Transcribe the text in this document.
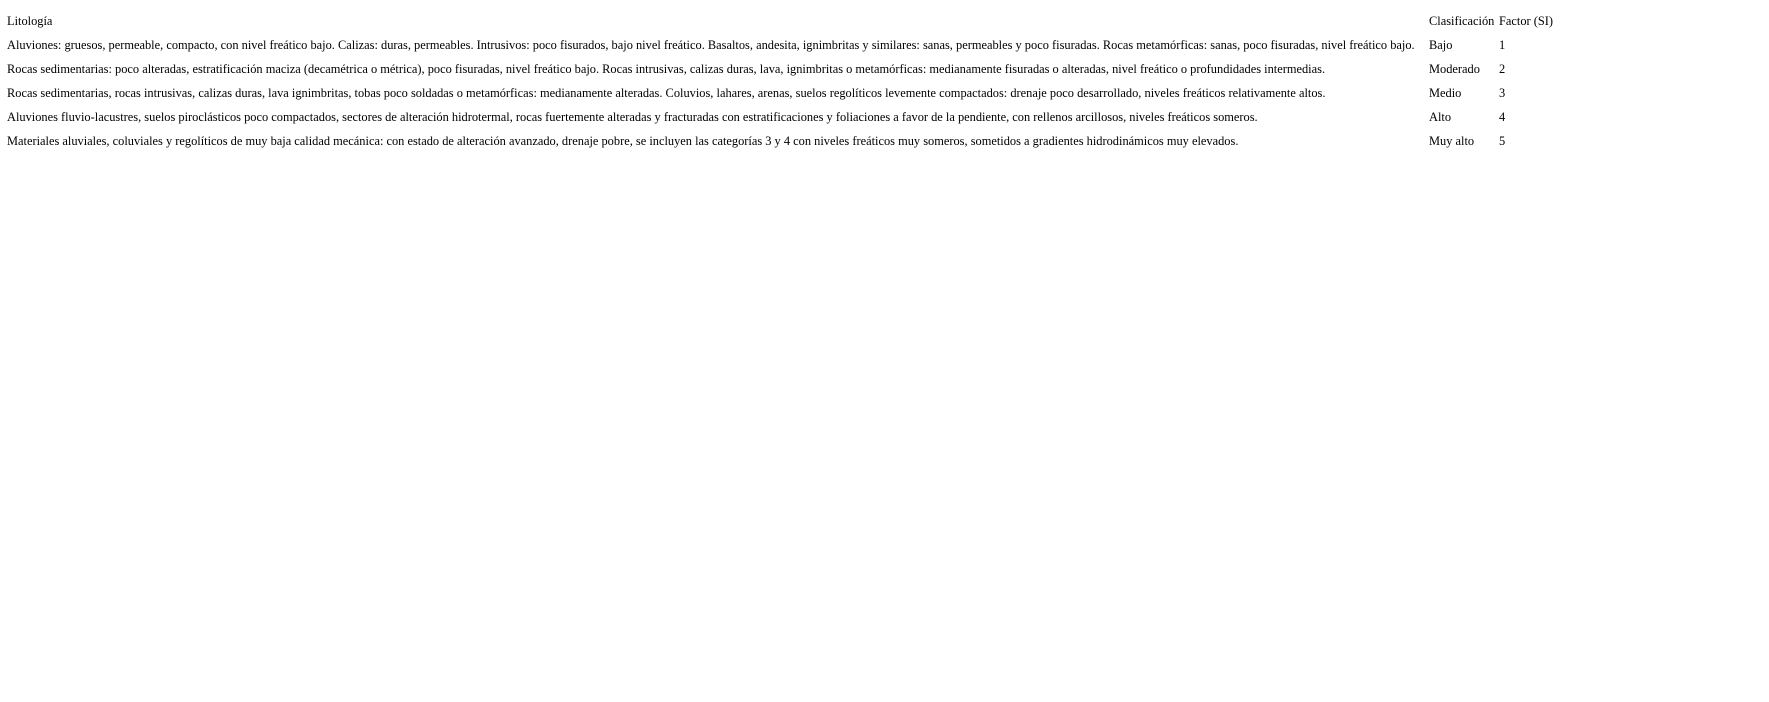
Litología	Clasificación	Factor (SI)
Aluviones: gruesos, permeable, compacto, con nivel freático bajo. Calizas: duras, permeables. Intrusivos: poco fisurados, bajo nivel freático. Basaltos, andesita, ignimbritas y similares: sanas, permeables y poco fisuradas. Rocas metamórficas: sanas, poco fisuradas, nivel freático bajo.	Bajo	1
Rocas sedimentarias: poco alteradas, estratificación maciza (decamétrica o métrica), poco fisuradas, nivel freático bajo. Rocas intrusivas, calizas duras, lava, ignimbritas o metamórficas: medianamente fisuradas o alteradas, nivel freático o profundidades intermedias.	Moderado	2
Rocas sedimentarias, rocas intrusivas, calizas duras, lava ignimbritas, tobas poco soldadas o metamórficas: medianamente alteradas. Coluvios, lahares, arenas, suelos regolíticos levemente compactados: drenaje poco desarrollado, niveles freáticos relativamente altos.	Medio	3
Aluviones fluvio-lacustres, suelos piroclásticos poco compactados, sectores de alteración hidrotermal, rocas fuertemente alteradas y fracturadas con estratificaciones y foliaciones a favor de la pendiente, con rellenos arcillosos, niveles freáticos someros.	Alto	4
Materiales aluviales, coluviales y regolíticos de muy baja calidad mecánica: con estado de alteración avanzado, drenaje pobre, se incluyen las categorías 3 y 4 con niveles freáticos muy someros, sometidos a gradientes hidrodinámicos muy elevados.	Muy alto	5
